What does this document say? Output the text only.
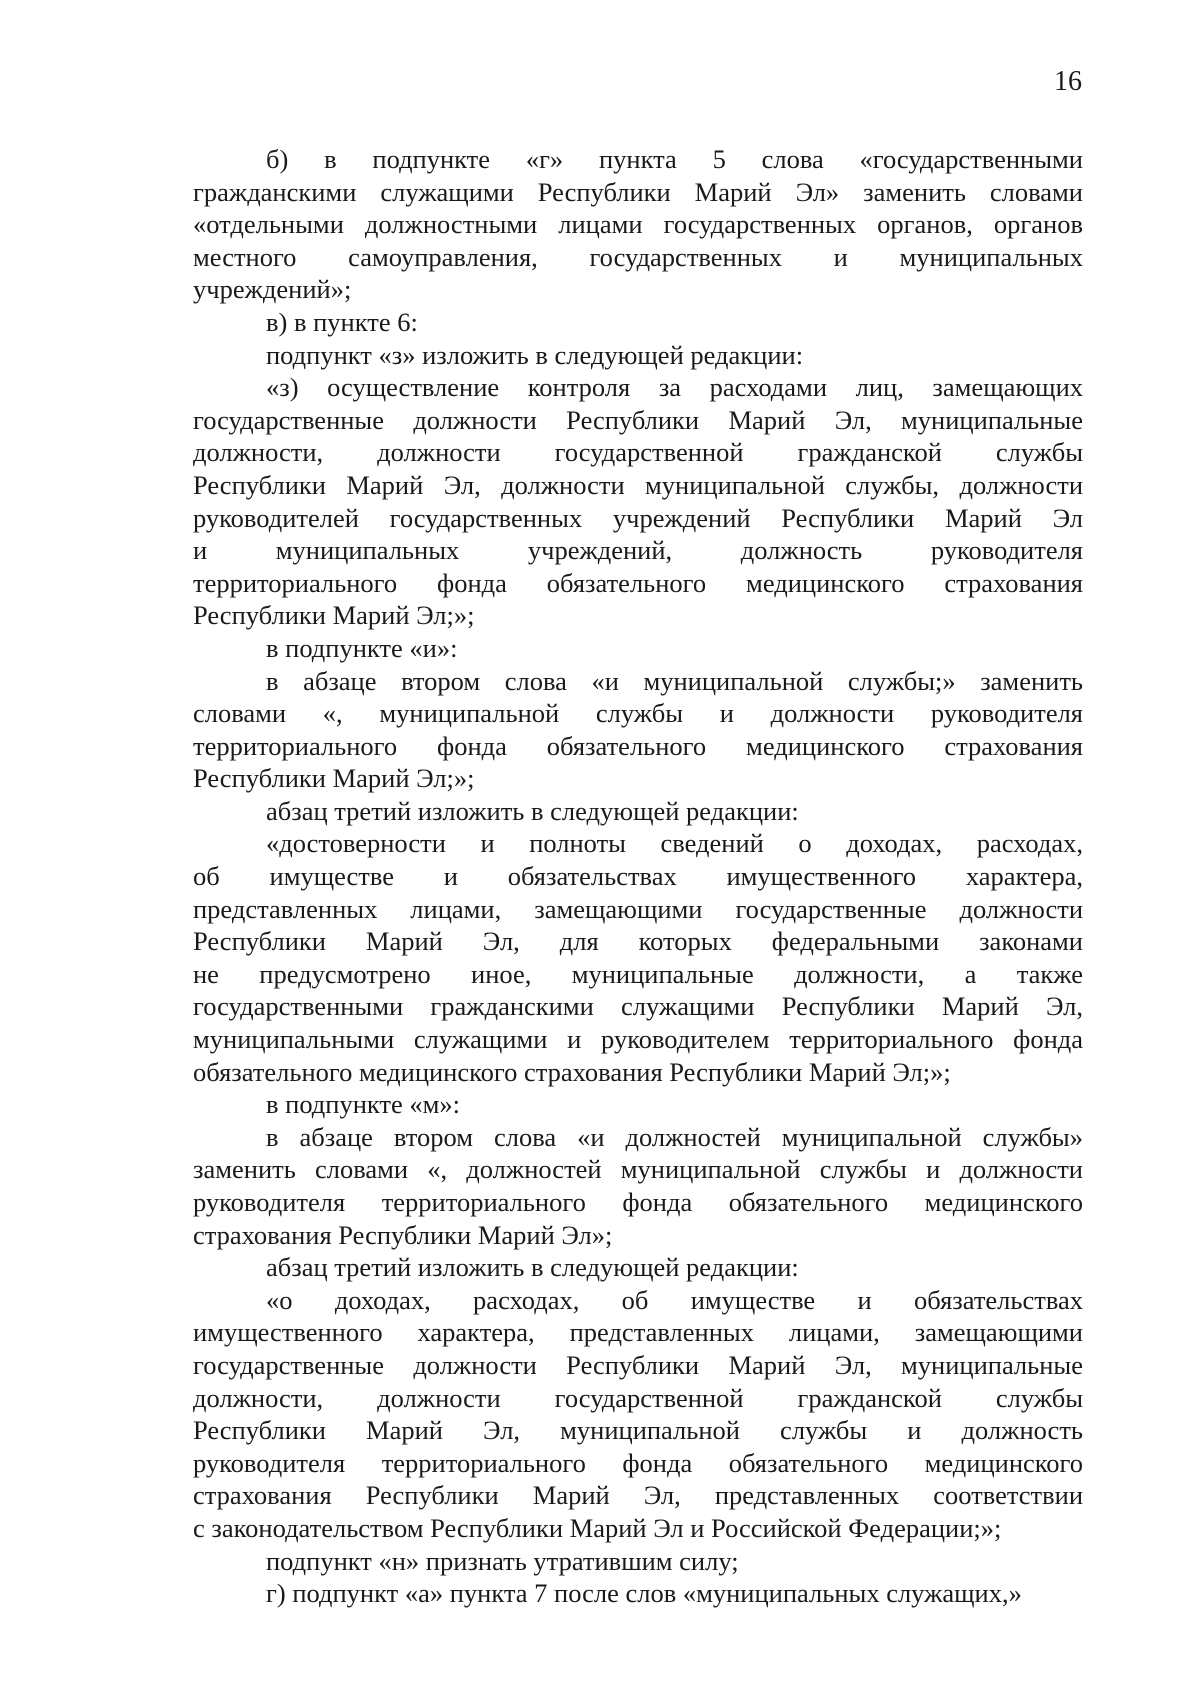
16
б) в подпункте «г» пункта 5 слова «государственными
гражданскими служащими Республики Марий Эл» заменить словами
«отдельными должностными лицами государственных органов, органов
местного самоуправления, государственных и муниципальных
учреждений»;
в) в пункте 6:
подпункт «з» изложить в следующей редакции:
«з) осуществление контроля за расходами лиц, замещающих
государственные должности Республики Марий Эл, муниципальные
должности, должности государственной гражданской службы
Республики Марий Эл, должности муниципальной службы, должности
руководителей государственных учреждений Республики Марий Эл
и муниципальных учреждений, должность руководителя
территориального фонда обязательного медицинского страхования
Республики Марий Эл;»;
в подпункте «и»:
в абзаце втором слова «и муниципальной службы;» заменить
словами «, муниципальной службы и должности руководителя
территориального фонда обязательного медицинского страхования
Республики Марий Эл;»;
абзац третий изложить в следующей редакции:
«достоверности и полноты сведений о доходах, расходах,
об имуществе и обязательствах имущественного характера,
представленных лицами, замещающими государственные должности
Республики Марий Эл, для которых федеральными законами
не предусмотрено иное, муниципальные должности, а также
государственными гражданскими служащими Республики Марий Эл,
муниципальными служащими и руководителем территориального фонда
обязательного медицинского страхования Республики Марий Эл;»;
в подпункте «м»:
в абзаце втором слова «и должностей муниципальной службы»
заменить словами «, должностей муниципальной службы и должности
руководителя территориального фонда обязательного медицинского
страхования Республики Марий Эл»;
абзац третий изложить в следующей редакции:
«о доходах, расходах, об имуществе и обязательствах
имущественного характера, представленных лицами, замещающими
государственные должности Республики Марий Эл, муниципальные
должности, должности государственной гражданской службы
Республики Марий Эл, муниципальной службы и должность
руководителя территориального фонда обязательного медицинского
страхования Республики Марий Эл, представленных соответствии
с законодательством Республики Марий Эл и Российской Федерации;»;
подпункт «н» признать утратившим силу;
г) подпункт «а» пункта 7 после слов «муниципальных служащих,»
